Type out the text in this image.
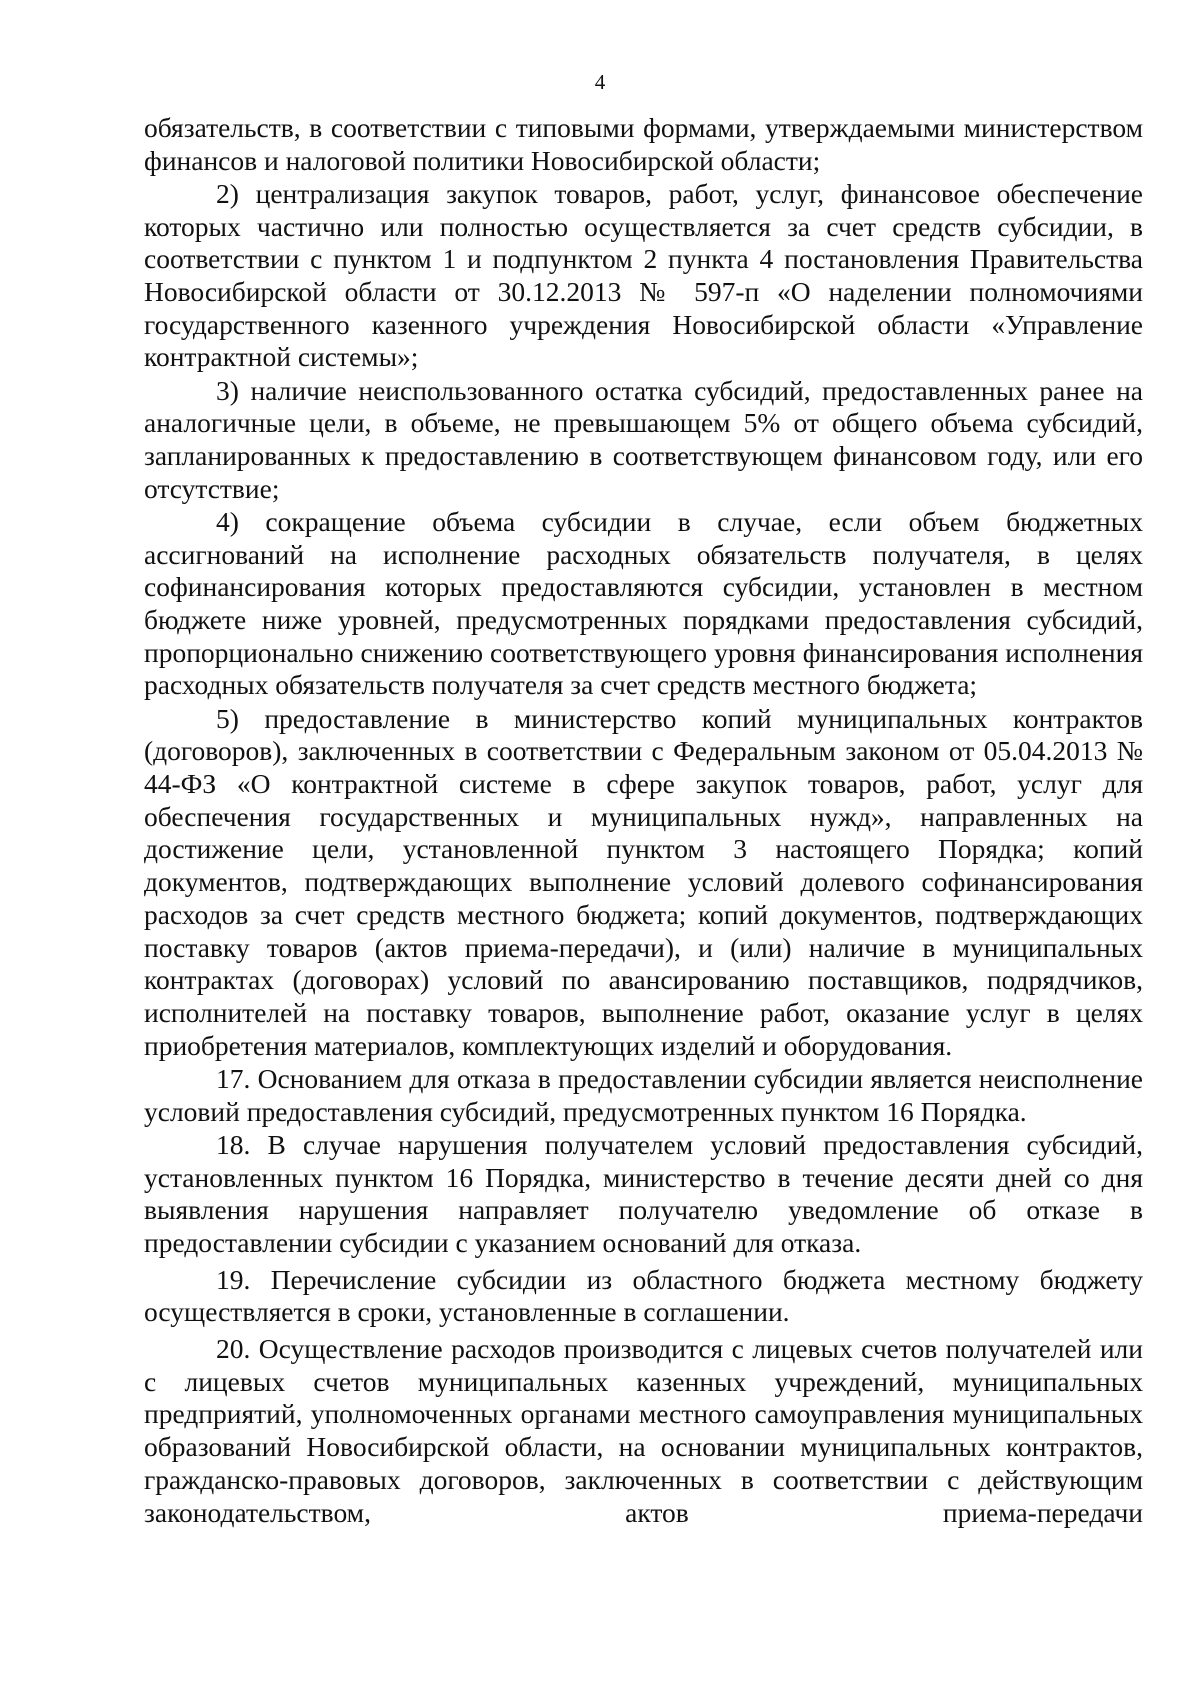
4

обязательств, в соответствии с типовыми формами, утверждаемыми министерством финансов и налоговой политики Новосибирской области;

2) централизация закупок товаров, работ, услуг, финансовое обеспечение которых частично или полностью осуществляется за счет средств субсидии, в соответствии с пунктом 1 и подпунктом 2 пункта 4 постановления Правительства Новосибирской области от 30.12.2013 № 597-п «О наделении полномочиями государственного казенного учреждения Новосибирской области «Управление контрактной системы»;

3) наличие неиспользованного остатка субсидий, предоставленных ранее на аналогичные цели, в объеме, не превышающем 5% от общего объема субсидий, запланированных к предоставлению в соответствующем финансовом году, или его отсутствие;

4) сокращение объема субсидии в случае, если объем бюджетных ассигнований на исполнение расходных обязательств получателя, в целях софинансирования которых предоставляются субсидии, установлен в местном бюджете ниже уровней, предусмотренных порядками предоставления субсидий, пропорционально снижению соответствующего уровня финансирования исполнения расходных обязательств получателя за счет средств местного бюджета;

5) предоставление в министерство копий муниципальных контрактов (договоров), заключенных в соответствии с Федеральным законом от 05.04.2013 № 44-ФЗ «О контрактной системе в сфере закупок товаров, работ, услуг для обеспечения государственных и муниципальных нужд», направленных на достижение цели, установленной пунктом 3 настоящего Порядка; копий документов, подтверждающих выполнение условий долевого софинансирования расходов за счет средств местного бюджета; копий документов, подтверждающих поставку товаров (актов приема-передачи), и (или) наличие в муниципальных контрактах (договорах) условий по авансированию поставщиков, подрядчиков, исполнителей на поставку товаров, выполнение работ, оказание услуг в целях приобретения материалов, комплектующих изделий и оборудования.

17. Основанием для отказа в предоставлении субсидии является неисполнение условий предоставления субсидий, предусмотренных пунктом 16 Порядка.

18. В случае нарушения получателем условий предоставления субсидий, установленных пунктом 16 Порядка, министерство в течение десяти дней со дня выявления нарушения направляет получателю уведомление об отказе в предоставлении субсидии с указанием оснований для отказа.

19. Перечисление субсидии из областного бюджета местному бюджету осуществляется в сроки, установленные в соглашении.

20. Осуществление расходов производится с лицевых счетов получателей или с лицевых счетов муниципальных казенных учреждений, муниципальных предприятий, уполномоченных органами местного самоуправления муниципальных образований Новосибирской области, на основании муниципальных контрактов, гражданско-правовых договоров, заключенных в соответствии с действующим законодательством, актов приема-передачи
